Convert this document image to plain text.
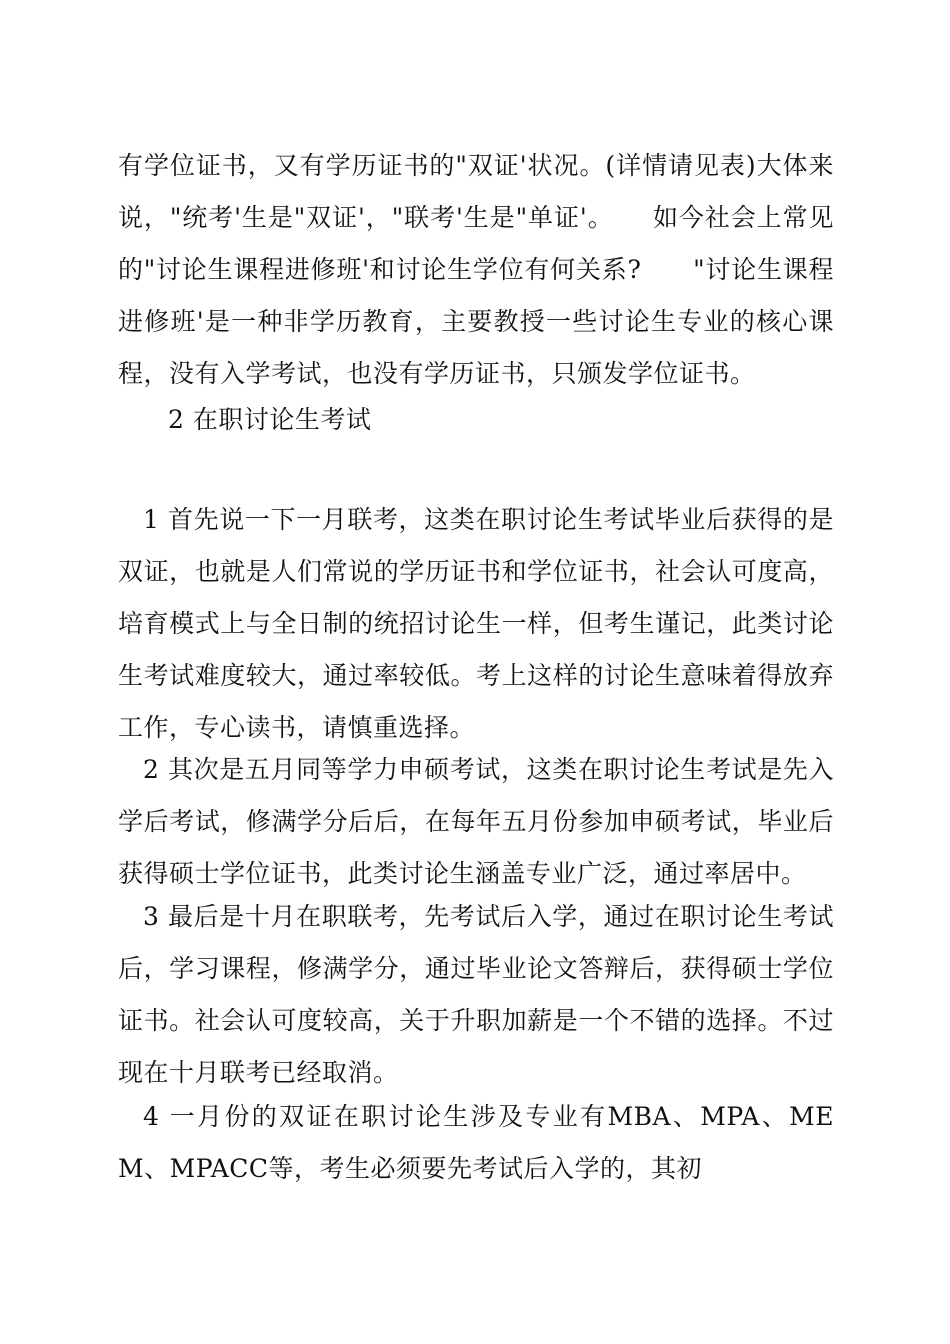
有学位证书，又有学历证书的"双证'状况。(详情请见表)大体来说，"统考'生是"双证'，"联考'生是"单证'。　　如今社会上常见的"讨论生课程进修班'和讨论生学位有何关系?　　"讨论生课程进修班'是一种非学历教育，主要教授一些讨论生专业的核心课程，没有入学考试，也没有学历证书，只颁发学位证书。

2 在职讨论生考试

1 首先说一下一月联考，这类在职讨论生考试毕业后获得的是双证，也就是人们常说的学历证书和学位证书，社会认可度高，培育模式上与全日制的统招讨论生一样，但考生谨记，此类讨论生考试难度较大，通过率较低。考上这样的讨论生意味着得放弃工作，专心读书，请慎重选择。

2 其次是五月同等学力申硕考试，这类在职讨论生考试是先入学后考试，修满学分后后，在每年五月份参加申硕考试，毕业后获得硕士学位证书，此类讨论生涵盖专业广泛，通过率居中。

3 最后是十月在职联考，先考试后入学，通过在职讨论生考试后，学习课程，修满学分，通过毕业论文答辩后，获得硕士学位证书。社会认可度较高，关于升职加薪是一个不错的选择。不过现在十月联考已经取消。

4 一月份的双证在职讨论生涉及专业有MBA、MPA、MEM、MPACC等，考生必须要先考试后入学的，其初
